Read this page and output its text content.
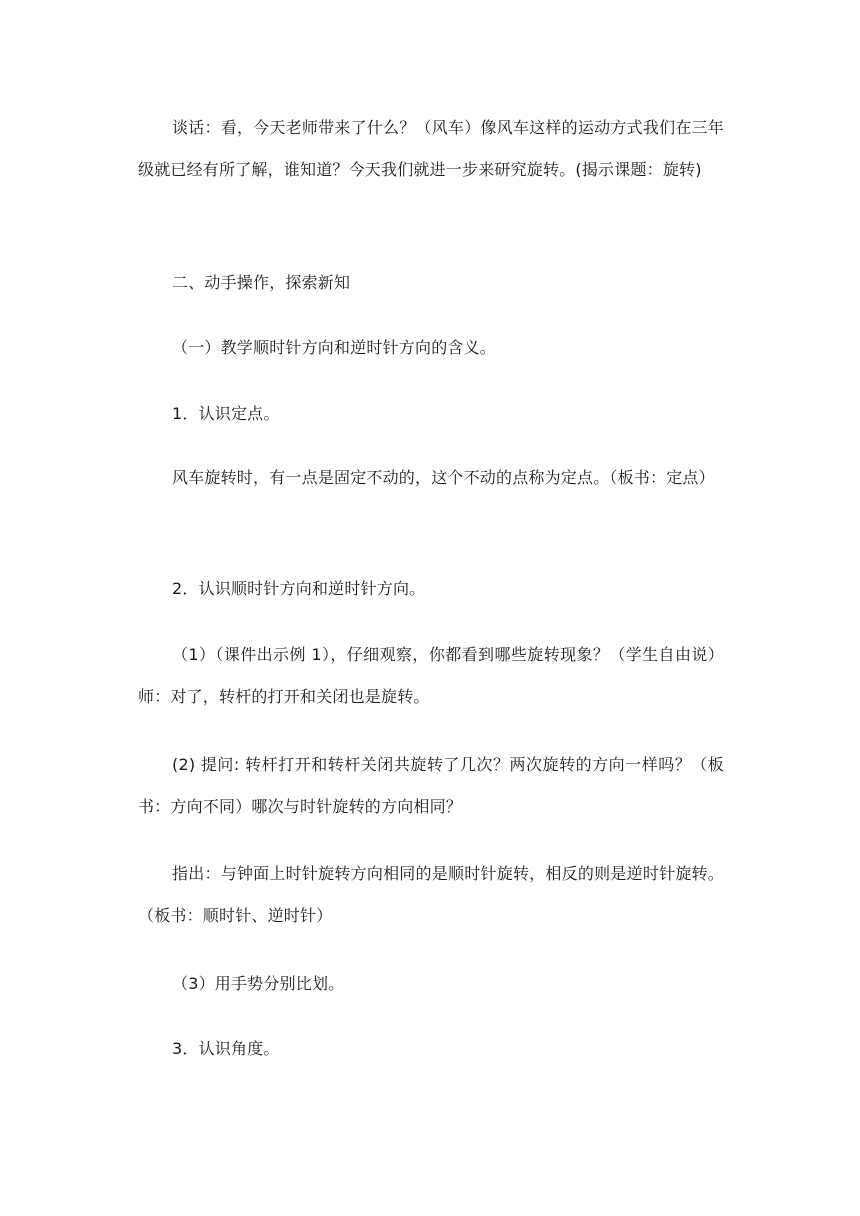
谈话：看，今天老师带来了什么？（风车）像风车这样的运动方式我们在三年级就已经有所了解，谁知道？今天我们就进一步来研究旋转。(揭示课题：旋转)

二、动手操作，探索新知

（一）教学顺时针方向和逆时针方向的含义。

1．认识定点。

风车旋转时，有一点是固定不动的，这个不动的点称为定点。（板书：定点）

2．认识顺时针方向和逆时针方向。

（1）（课件出示例 1），仔细观察，你都看到哪些旋转现象？（学生自由说）师：对了，转杆的打开和关闭也是旋转。

(2) 提问: 转杆打开和转杆关闭共旋转了几次？两次旋转的方向一样吗？（板书：方向不同）哪次与时针旋转的方向相同？

指出：与钟面上时针旋转方向相同的是顺时针旋转，相反的则是逆时针旋转。（板书：顺时针、逆时针）

（3）用手势分别比划。

3．认识角度。
